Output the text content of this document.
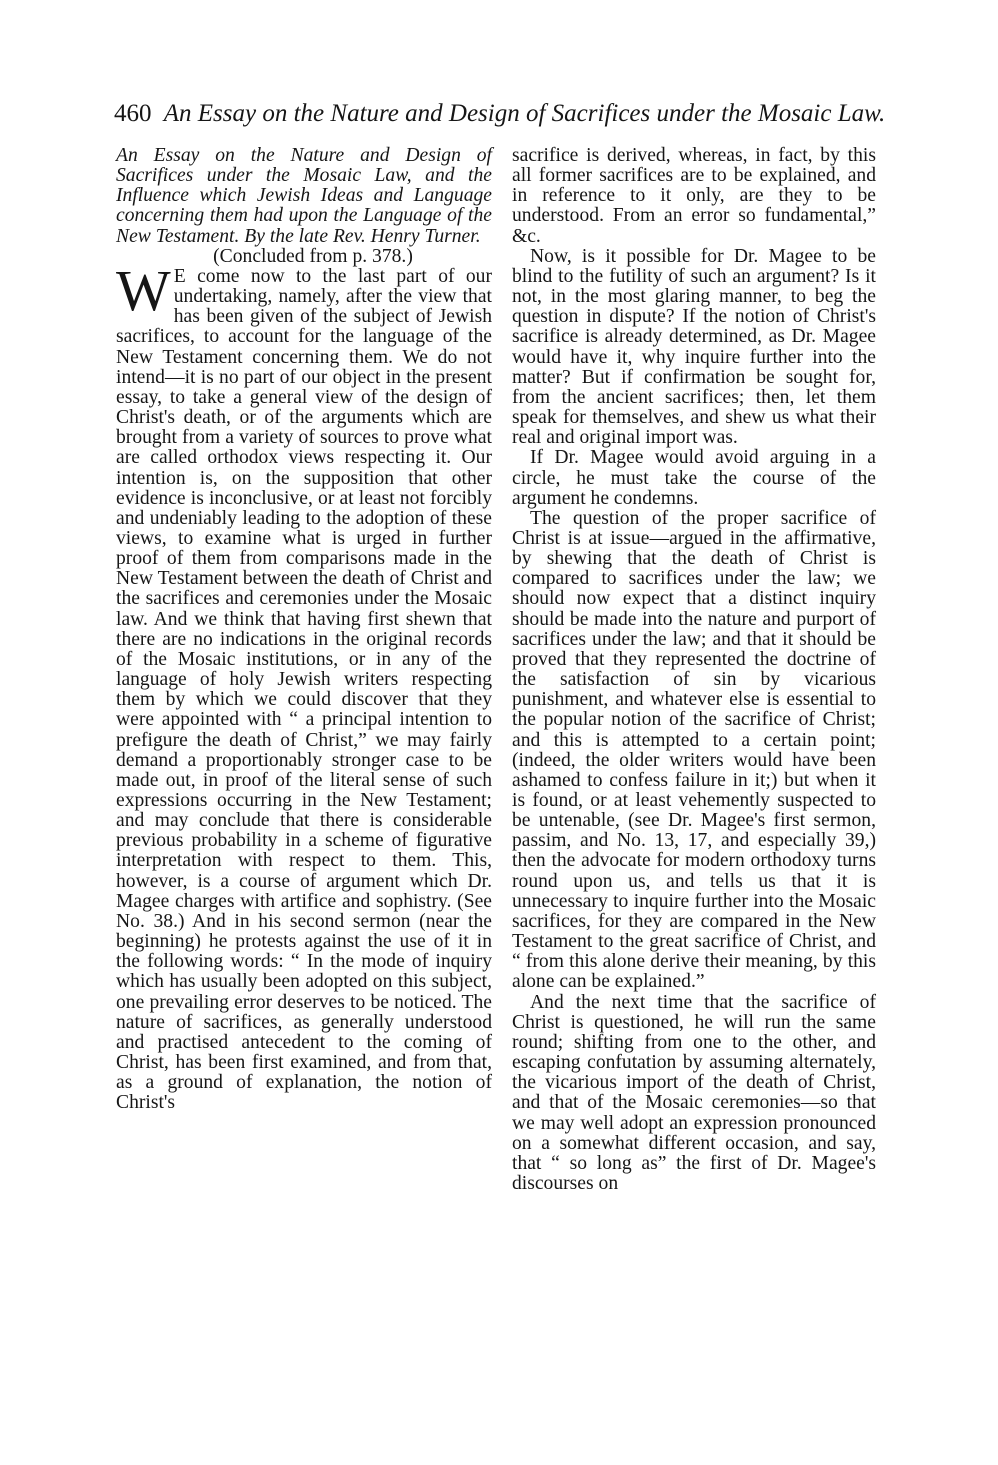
460 An Essay on the Nature and Design of Sacrifices under the Mosaic Law.

An Essay on the Nature and Design of Sacrifices under the Mosaic Law, and the Influence which Jewish Ideas and Language concerning them had upon the Language of the New Testament. By the late Rev. Henry Turner.

(Concluded from p. 378.)

W E come now to the last part of our undertaking, namely, after the view that has been given of the subject of Jewish sacrifices, to account for the language of the New Testament concerning them. We do not intend—it is no part of our object in the present essay, to take a general view of the design of Christ's death, or of the arguments which are brought from a variety of sources to prove what are called orthodox views respecting it. Our intention is, on the supposition that other evidence is inconclusive, or at least not forcibly and undeniably leading to the adoption of these views, to examine what is urged in further proof of them from comparisons made in the New Testament between the death of Christ and the sacrifices and ceremonies under the Mosaic law. And we think that having first shewn that there are no indications in the original records of the Mosaic institutions, or in any of the language of holy Jewish writers respecting them by which we could discover that they were appointed with “ a principal intention to prefigure the death of Christ,” we may fairly demand a proportionably stronger case to be made out, in proof of the literal sense of such expressions occurring in the New Testament; and may conclude that there is considerable previous probability in a scheme of figurative interpretation with respect to them. This, however, is a course of argument which Dr. Magee charges with artifice and sophistry. (See No. 38.) And in his second sermon (near the beginning) he protests against the use of it in the following words: “ In the mode of inquiry which has usually been adopted on this subject, one prevailing error deserves to be noticed. The nature of sacrifices, as generally understood and practised antecedent to the coming of Christ, has been first examined, and from that, as a ground of explanation, the notion of Christ's

sacrifice is derived, whereas, in fact, by this all former sacrifices are to be explained, and in reference to it only, are they to be understood. From an error so fundamental,” &c.

Now, is it possible for Dr. Magee to be blind to the futility of such an argument? Is it not, in the most glaring manner, to beg the question in dispute? If the notion of Christ's sacrifice is already determined, as Dr. Magee would have it, why inquire further into the matter? But if confirmation be sought for, from the ancient sacrifices; then, let them speak for themselves, and shew us what their real and original import was.

If Dr. Magee would avoid arguing in a circle, he must take the course of the argument he condemns.

The question of the proper sacrifice of Christ is at issue—argued in the affirmative, by shewing that the death of Christ is compared to sacrifices under the law; we should now expect that a distinct inquiry should be made into the nature and purport of sacrifices under the law; and that it should be proved that they represented the doctrine of the satisfaction of sin by vicarious punishment, and whatever else is essential to the popular notion of the sacrifice of Christ; and this is attempted to a certain point; (indeed, the older writers would have been ashamed to confess failure in it;) but when it is found, or at least vehemently suspected to be untenable, (see Dr. Magee's first sermon, passim, and No. 13, 17, and especially 39,) then the advocate for modern orthodoxy turns round upon us, and tells us that it is unnecessary to inquire further into the Mosaic sacrifices, for they are compared in the New Testament to the great sacrifice of Christ, and “ from this alone derive their meaning, by this alone can be explained.”

And the next time that the sacrifice of Christ is questioned, he will run the same round; shifting from one to the other, and escaping confutation by assuming alternately, the vicarious import of the death of Christ, and that of the Mosaic ceremonies—so that we may well adopt an expression pronounced on a somewhat different occasion, and say, that “ so long as” the first of Dr. Magee's discourses on
